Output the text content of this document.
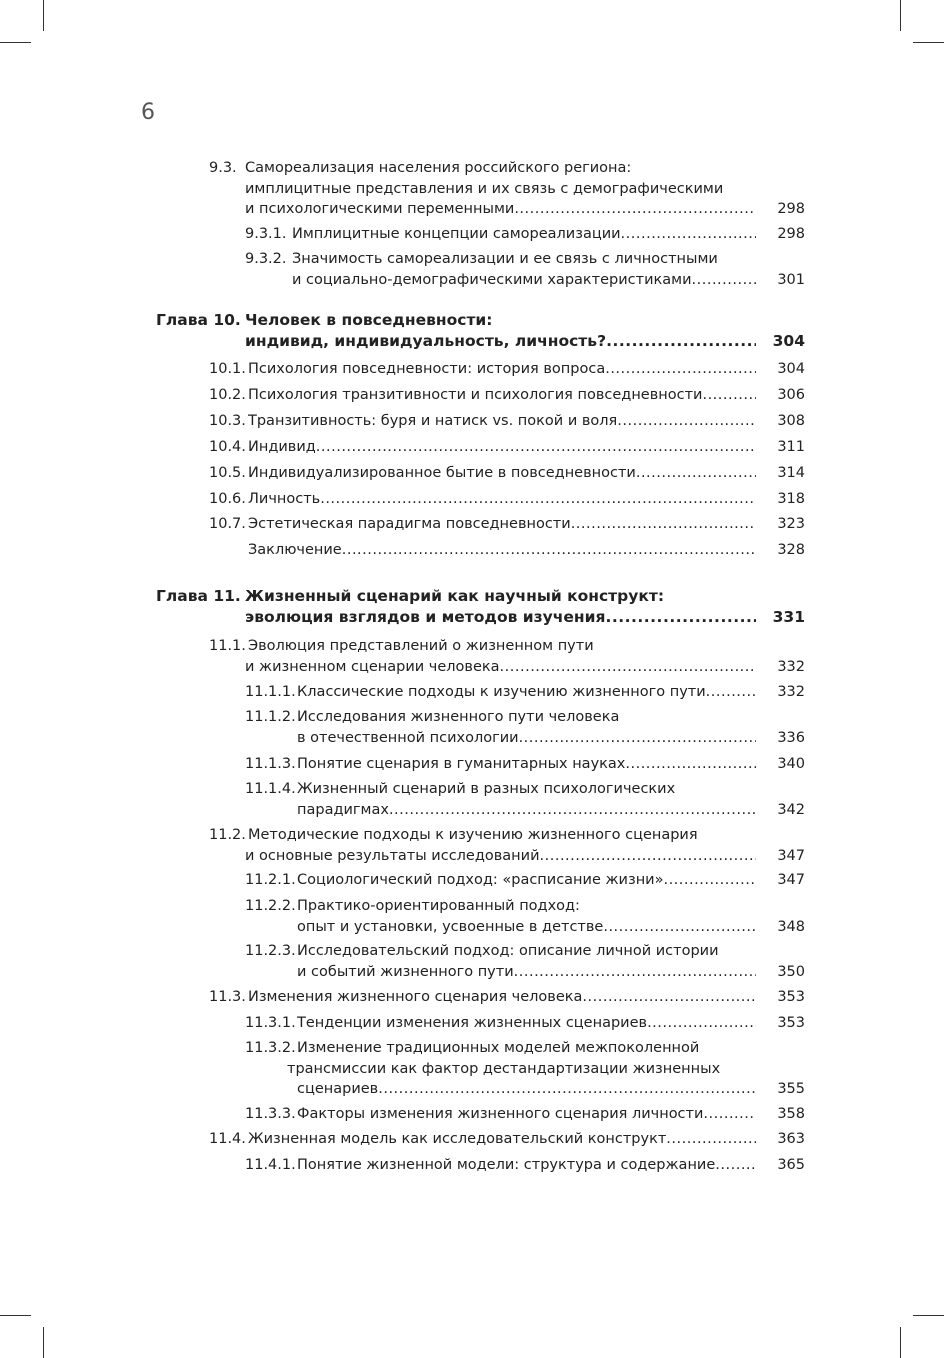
6
9.3. Самореализация населения российского региона:
имплицитные представления и их связь с демографическими
и психологическими переменными .....	298
9.3.1. Имплицитные концепции самореализации .....	298
9.3.2. Значимость самореализации и ее связь с личностными
и социально-демографическими характеристиками .....	301
Глава 10. Человек в повседневности:
индивид, индивидуальность, личность? .....	304
10.1. Психология повседневности: история вопроса .....	304
10.2. Психология транзитивности и психология повседневности .....	306
10.3. Транзитивность: буря и натиск vs. покой и воля .....	308
10.4. Индивид .....	311
10.5. Индивидуализированное бытие в повседневности .....	314
10.6. Личность .....	318
10.7. Эстетическая парадигма повседневности .....	323
Заключение .....	328
Глава 11. Жизненный сценарий как научный конструкт:
эволюция взглядов и методов изучения .....	331
11.1. Эволюция представлений о жизненном пути
и жизненном сценарии человека .....	332
11.1.1. Классические подходы к изучению жизненного пути .....	332
11.1.2. Исследования жизненного пути человека
в отечественной психологии .....	336
11.1.3. Понятие сценария в гуманитарных науках .....	340
11.1.4. Жизненный сценарий в разных психологических
парадигмах .....	342
11.2. Методические подходы к изучению жизненного сценария
и основные результаты исследований .....	347
11.2.1. Социологический подход: «расписание жизни» .....	347
11.2.2. Практико-ориентированный подход:
опыт и установки, усвоенные в детстве .....	348
11.2.3. Исследовательский подход: описание личной истории
и событий жизненного пути .....	350
11.3. Изменения жизненного сценария человека .....	353
11.3.1. Тенденции изменения жизненных сценариев .....	353
11.3.2. Изменение традиционных моделей межпоколенной
трансмиссии как фактор дестандартизации жизненных
сценариев .....	355
11.3.3. Факторы изменения жизненного сценария личности .....	358
11.4. Жизненная модель как исследовательский конструкт .....	363
11.4.1. Понятие жизненной модели: структура и содержание .....	365
